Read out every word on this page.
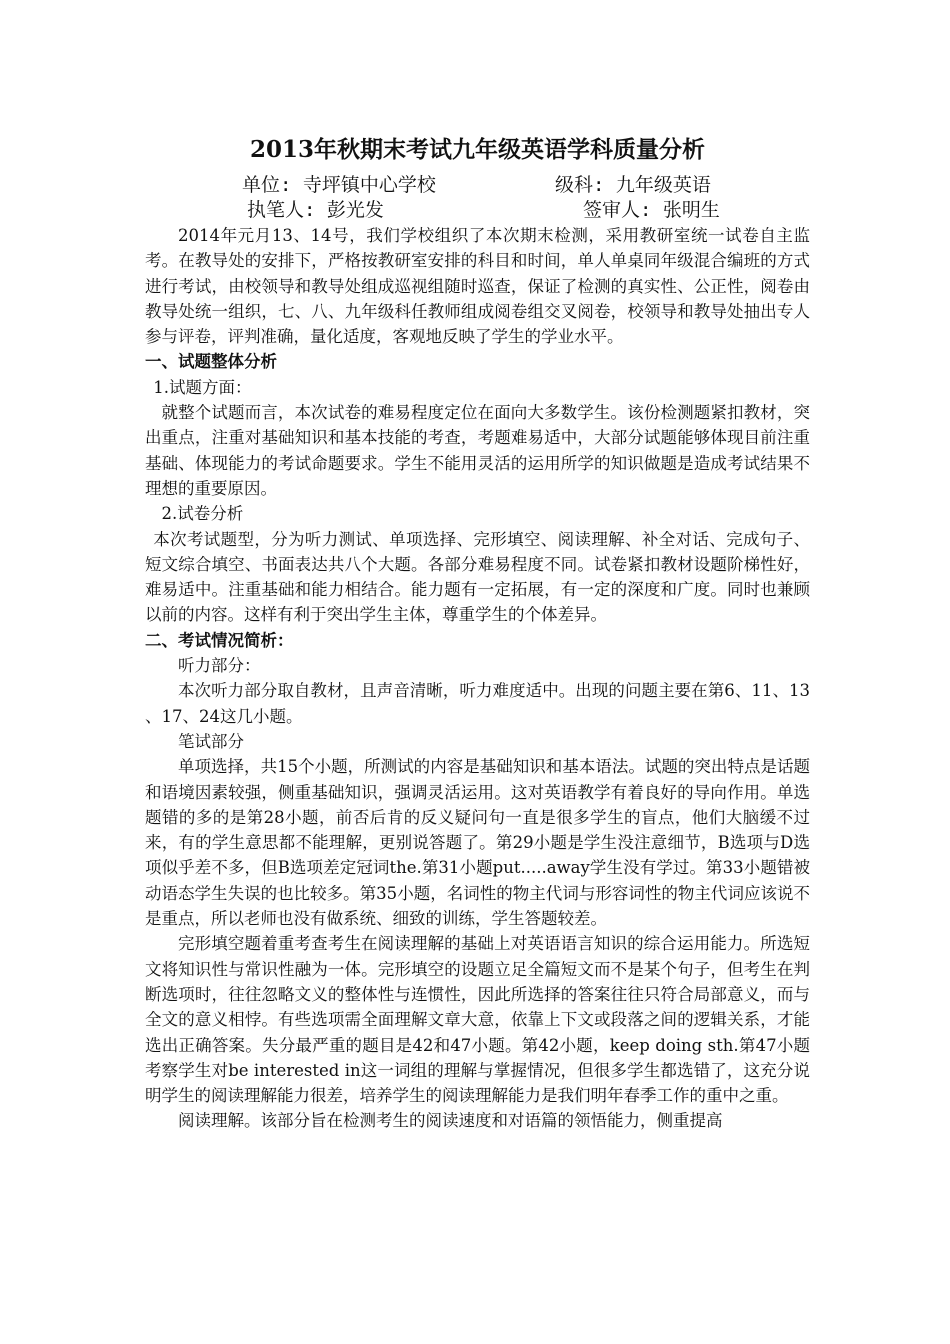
2013年秋期末考试九年级英语学科质量分析
单位: 寺坪镇中心学校	级科: 九年级英语
执笔人: 彭光发	签审人: 张明生

2014年元月13、14号，我们学校组织了本次期末检测，采用教研室统一试卷自主监考。在教导处的安排下，严格按教研室安排的科目和时间，单人单桌同年级混合编班的方式进行考试，由校领导和教导处组成巡视组随时巡查，保证了检测的真实性、公正性，阅卷由教导处统一组织，七、八、九年级科任教师组成阅卷组交叉阅卷，校领导和教导处抽出专人参与评卷，评判准确，量化适度，客观地反映了学生的学业水平。

一、试题整体分析

1.试题方面：

就整个试题而言，本次试卷的难易程度定位在面向大多数学生。该份检测题紧扣教材，突出重点，注重对基础知识和基本技能的考查，考题难易适中，大部分试题能够体现目前注重基础、体现能力的考试命题要求。学生不能用灵活的运用所学的知识做题是造成考试结果不理想的重要原因。

2.试卷分析

本次考试题型，分为听力测试、单项选择、完形填空、阅读理解、补全对话、完成句子、短文综合填空、书面表达共八个大题。各部分难易程度不同。试卷紧扣教材设题阶梯性好，难易适中。注重基础和能力相结合。能力题有一定拓展，有一定的深度和广度。同时也兼顾以前的内容。这样有利于突出学生主体，尊重学生的个体差异。

二、考试情况简析：

听力部分：

本次听力部分取自教材，且声音清晰，听力难度适中。出现的问题主要在第6、11、13 、17、24这几小题。

笔试部分

单项选择，共15个小题，所测试的内容是基础知识和基本语法。试题的突出特点是话题和语境因素较强，侧重基础知识，强调灵活运用。这对英语教学有着良好的导向作用。单选题错的多的是第28小题，前否后肯的反义疑问句一直是很多学生的盲点，他们大脑缓不过来，有的学生意思都不能理解，更别说答题了。第29小题是学生没注意细节，B选项与D选项似乎差不多，但B选项差定冠词the.第31小题put.....away学生没有学过。第33小题错被动语态学生失误的也比较多。第35小题，名词性的物主代词与形容词性的物主代词应该说不是重点，所以老师也没有做系统、细致的训练，学生答题较差。

完形填空题着重考查考生在阅读理解的基础上对英语语言知识的综合运用能力。所选短文将知识性与常识性融为一体。完形填空的设题立足全篇短文而不是某个句子，但考生在判断选项时，往往忽略文义的整体性与连惯性，因此所选择的答案往往只符合局部意义，而与全文的意义相悖。有些选项需全面理解文章大意，依靠上下文或段落之间的逻辑关系，才能选出正确答案。失分最严重的题目是42和47小题。第42小题，keep doing sth.第47小题考察学生对be interested in这一词组的理解与掌握情况，但很多学生都选错了，这充分说明学生的阅读理解能力很差，培养学生的阅读理解能力是我们明年春季工作的重中之重。

阅读理解。该部分旨在检测考生的阅读速度和对语篇的领悟能力，侧重提高
